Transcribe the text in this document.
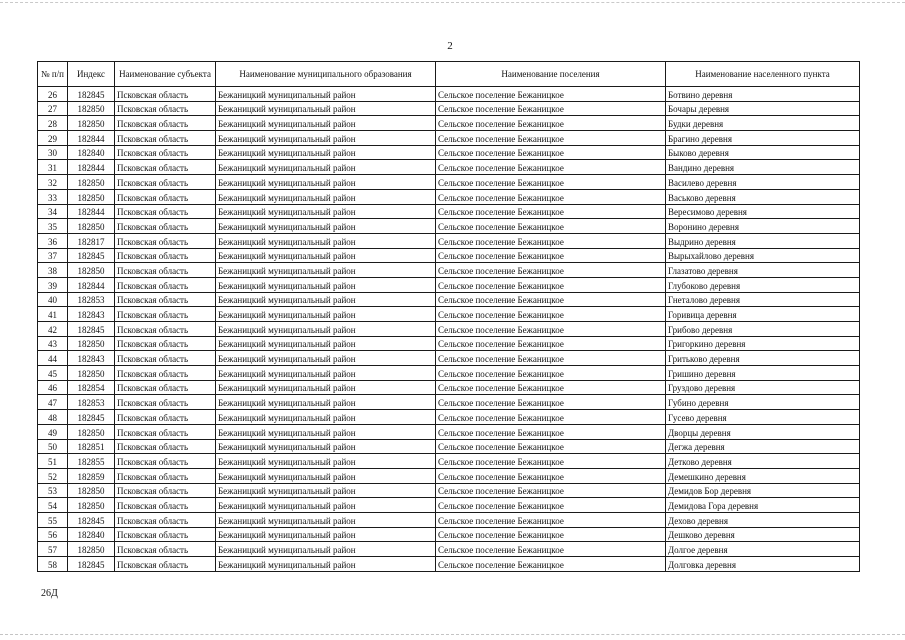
2
№ п/п	Индекс	Наименование субъекта	Наименование муниципального образования	Наименование поселения	Наименование населенного пункта
26	182845	Псковская область	Бежаницкий муниципальный район	Сельское поселение Бежаницкое	Ботвино деревня
27	182850	Псковская область	Бежаницкий муниципальный район	Сельское поселение Бежаницкое	Бочары деревня
28	182850	Псковская область	Бежаницкий муниципальный район	Сельское поселение Бежаницкое	Будки деревня
29	182844	Псковская область	Бежаницкий муниципальный район	Сельское поселение Бежаницкое	Брагино деревня
30	182840	Псковская область	Бежаницкий муниципальный район	Сельское поселение Бежаницкое	Быково деревня
31	182844	Псковская область	Бежаницкий муниципальный район	Сельское поселение Бежаницкое	Вандино деревня
32	182850	Псковская область	Бежаницкий муниципальный район	Сельское поселение Бежаницкое	Василево деревня
33	182850	Псковская область	Бежаницкий муниципальный район	Сельское поселение Бежаницкое	Васьково деревня
34	182844	Псковская область	Бежаницкий муниципальный район	Сельское поселение Бежаницкое	Вересимово деревня
35	182850	Псковская область	Бежаницкий муниципальный район	Сельское поселение Бежаницкое	Воронино деревня
36	182817	Псковская область	Бежаницкий муниципальный район	Сельское поселение Бежаницкое	Выдрино деревня
37	182845	Псковская область	Бежаницкий муниципальный район	Сельское поселение Бежаницкое	Вырыхайлово деревня
38	182850	Псковская область	Бежаницкий муниципальный район	Сельское поселение Бежаницкое	Глазатово деревня
39	182844	Псковская область	Бежаницкий муниципальный район	Сельское поселение Бежаницкое	Глубоково деревня
40	182853	Псковская область	Бежаницкий муниципальный район	Сельское поселение Бежаницкое	Гнеталово деревня
41	182843	Псковская область	Бежаницкий муниципальный район	Сельское поселение Бежаницкое	Горивица деревня
42	182845	Псковская область	Бежаницкий муниципальный район	Сельское поселение Бежаницкое	Грибово деревня
43	182850	Псковская область	Бежаницкий муниципальный район	Сельское поселение Бежаницкое	Григоркино деревня
44	182843	Псковская область	Бежаницкий муниципальный район	Сельское поселение Бежаницкое	Гритьково деревня
45	182850	Псковская область	Бежаницкий муниципальный район	Сельское поселение Бежаницкое	Гришино деревня
46	182854	Псковская область	Бежаницкий муниципальный район	Сельское поселение Бежаницкое	Груздово деревня
47	182853	Псковская область	Бежаницкий муниципальный район	Сельское поселение Бежаницкое	Губино деревня
48	182845	Псковская область	Бежаницкий муниципальный район	Сельское поселение Бежаницкое	Гусево деревня
49	182850	Псковская область	Бежаницкий муниципальный район	Сельское поселение Бежаницкое	Дворцы деревня
50	182851	Псковская область	Бежаницкий муниципальный район	Сельское поселение Бежаницкое	Дегжа деревня
51	182855	Псковская область	Бежаницкий муниципальный район	Сельское поселение Бежаницкое	Детково деревня
52	182859	Псковская область	Бежаницкий муниципальный район	Сельское поселение Бежаницкое	Демешкино деревня
53	182850	Псковская область	Бежаницкий муниципальный район	Сельское поселение Бежаницкое	Демидов Бор деревня
54	182850	Псковская область	Бежаницкий муниципальный район	Сельское поселение Бежаницкое	Демидова Гора деревня
55	182845	Псковская область	Бежаницкий муниципальный район	Сельское поселение Бежаницкое	Дехово деревня
56	182840	Псковская область	Бежаницкий муниципальный район	Сельское поселение Бежаницкое	Дешково деревня
57	182850	Псковская область	Бежаницкий муниципальный район	Сельское поселение Бежаницкое	Долгое деревня
58	182845	Псковская область	Бежаницкий муниципальный район	Сельское поселение Бежаницкое	Долговка деревня
26Д
